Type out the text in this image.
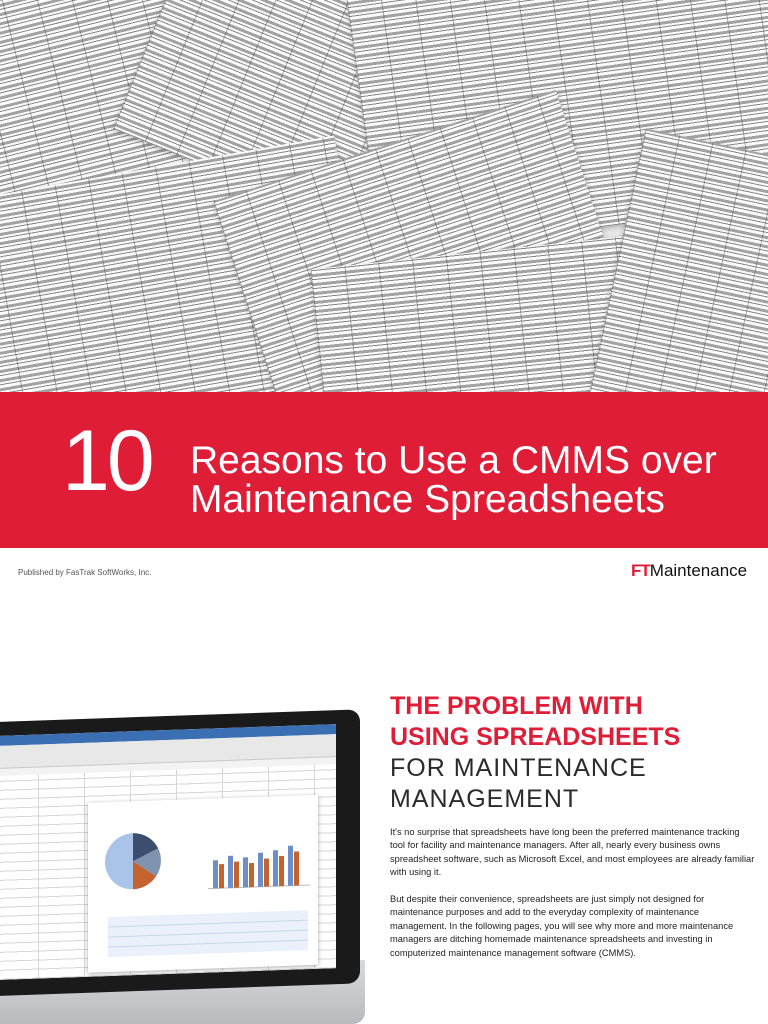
10 Reasons to Use a CMMS over
Maintenance Spreadsheets
Published by FasTrak SoftWorks, Inc.	FTMaintenance
THE PROBLEM WITH
USING SPREADSHEETS
FOR MAINTENANCE
MANAGEMENT

It's no surprise that spreadsheets have long been the preferred maintenance tracking tool for facility and maintenance managers. After all, nearly every business owns spreadsheet software, such as Microsoft Excel, and most employees are already familiar with using it.

But despite their convenience, spreadsheets are just simply not designed for maintenance purposes and add to the everyday complexity of maintenance management. In the following pages, you will see why more and more maintenance managers are ditching homemade maintenance spreadsheets and investing in computerized maintenance management software (CMMS).
